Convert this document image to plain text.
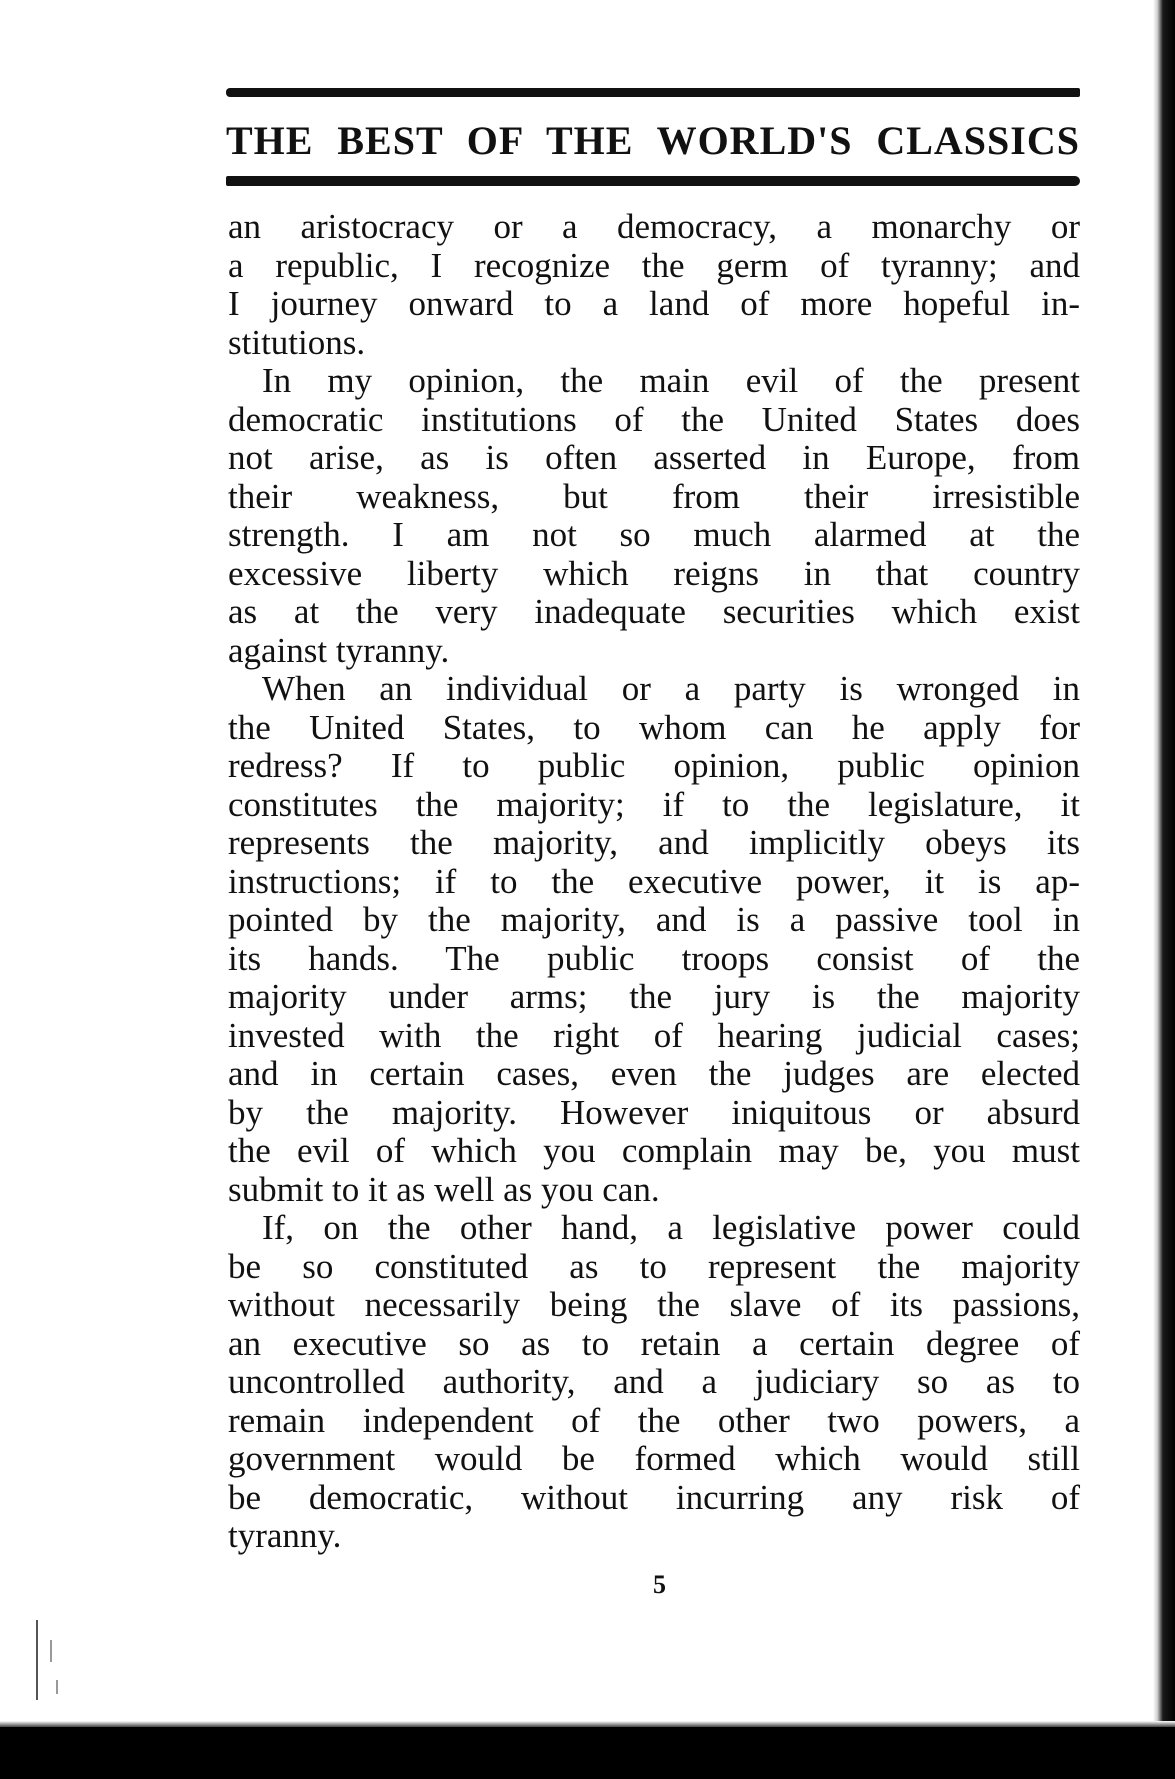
THE BEST OF THE WORLD'S CLASSICS
an aristocracy or a democracy, a monarchy or
a republic, I recognize the germ of tyranny; and
I journey onward to a land of more hopeful in-
stitutions.
In my opinion, the main evil of the present
democratic institutions of the United States does
not arise, as is often asserted in Europe, from
their weakness, but from their irresistible
strength. I am not so much alarmed at the
excessive liberty which reigns in that country
as at the very inadequate securities which exist
against tyranny.
When an individual or a party is wronged in
the United States, to whom can he apply for
redress? If to public opinion, public opinion
constitutes the majority; if to the legislature, it
represents the majority, and implicitly obeys its
instructions; if to the executive power, it is ap-
pointed by the majority, and is a passive tool in
its hands. The public troops consist of the
majority under arms; the jury is the majority
invested with the right of hearing judicial cases;
and in certain cases, even the judges are elected
by the majority. However iniquitous or absurd
the evil of which you complain may be, you must
submit to it as well as you can.
If, on the other hand, a legislative power could
be so constituted as to represent the majority
without necessarily being the slave of its passions,
an executive so as to retain a certain degree of
uncontrolled authority, and a judiciary so as to
remain independent of the other two powers, a
government would be formed which would still
be democratic, without incurring any risk of
tyranny.
5
